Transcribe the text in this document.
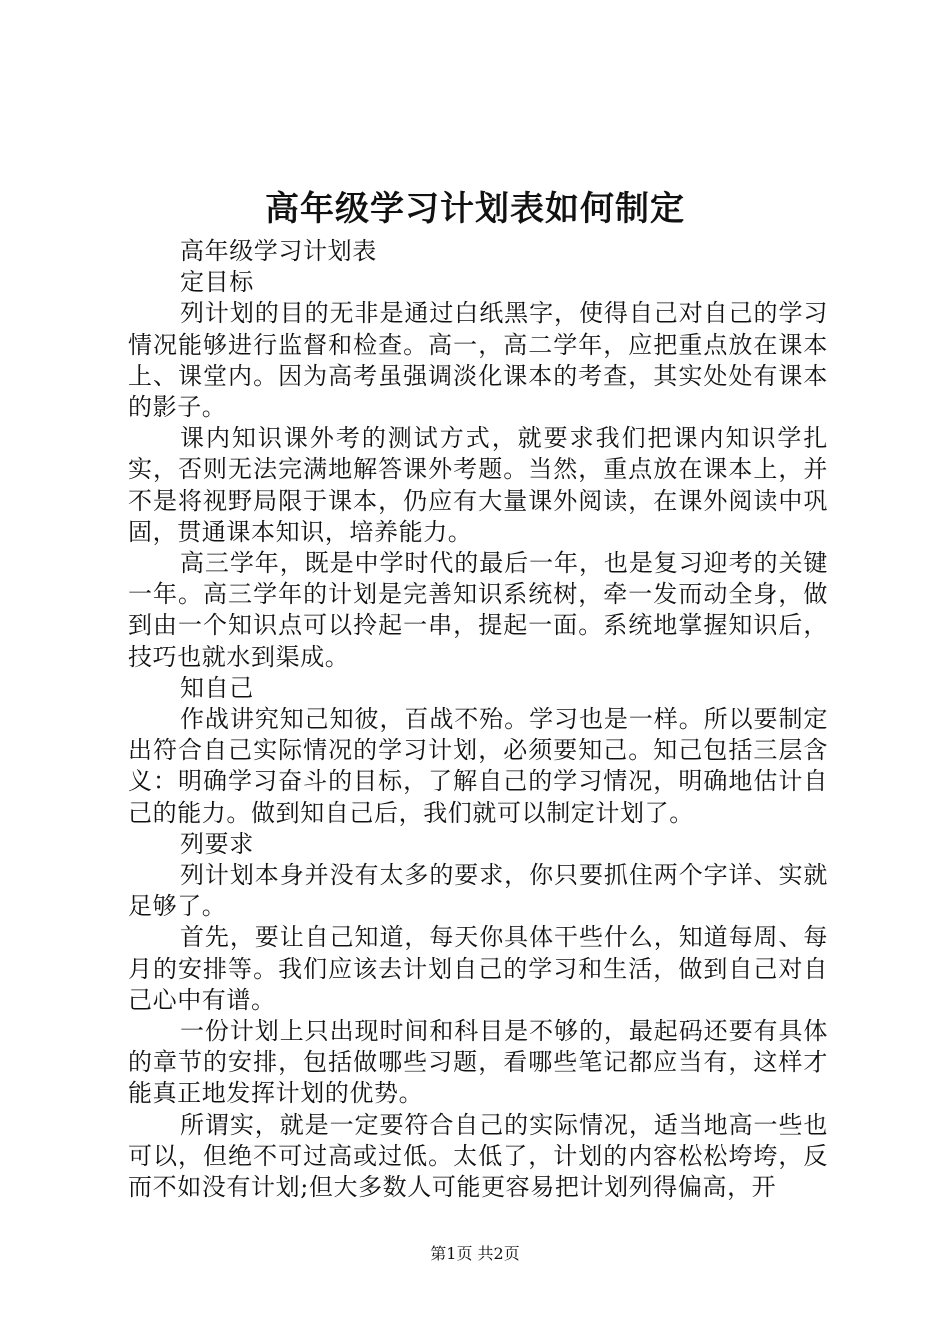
高年级学习计划表如何制定

高年级学习计划表

定目标

列计划的目的无非是通过白纸黑字，使得自己对自己的学习情况能够进行监督和检查。高一，高二学年，应把重点放在课本上、课堂内。因为高考虽强调淡化课本的考查，其实处处有课本的影子。

课内知识课外考的测试方式，就要求我们把课内知识学扎实，否则无法完满地解答课外考题。当然，重点放在课本上，并不是将视野局限于课本，仍应有大量课外阅读，在课外阅读中巩固，贯通课本知识，培养能力。

高三学年，既是中学时代的最后一年，也是复习迎考的关键一年。高三学年的计划是完善知识系统树，牵一发而动全身，做到由一个知识点可以拎起一串，提起一面。系统地掌握知识后，技巧也就水到渠成。

知自己

作战讲究知己知彼，百战不殆。学习也是一样。所以要制定出符合自己实际情况的学习计划，必须要知己。知己包括三层含义：明确学习奋斗的目标，了解自己的学习情况，明确地估计自己的能力。做到知自己后，我们就可以制定计划了。

列要求

列计划本身并没有太多的要求，你只要抓住两个字详、实就足够了。

首先，要让自己知道，每天你具体干些什么，知道每周、每月的安排等。我们应该去计划自己的学习和生活，做到自己对自己心中有谱。

一份计划上只出现时间和科目是不够的，最起码还要有具体的章节的安排，包括做哪些习题，看哪些笔记都应当有，这样才能真正地发挥计划的优势。

所谓实，就是一定要符合自己的实际情况，适当地高一些也可以，但绝不可过高或过低。太低了，计划的内容松松垮垮，反而不如没有计划;但大多数人可能更容易把计划列得偏高，开

第1页 共2页
